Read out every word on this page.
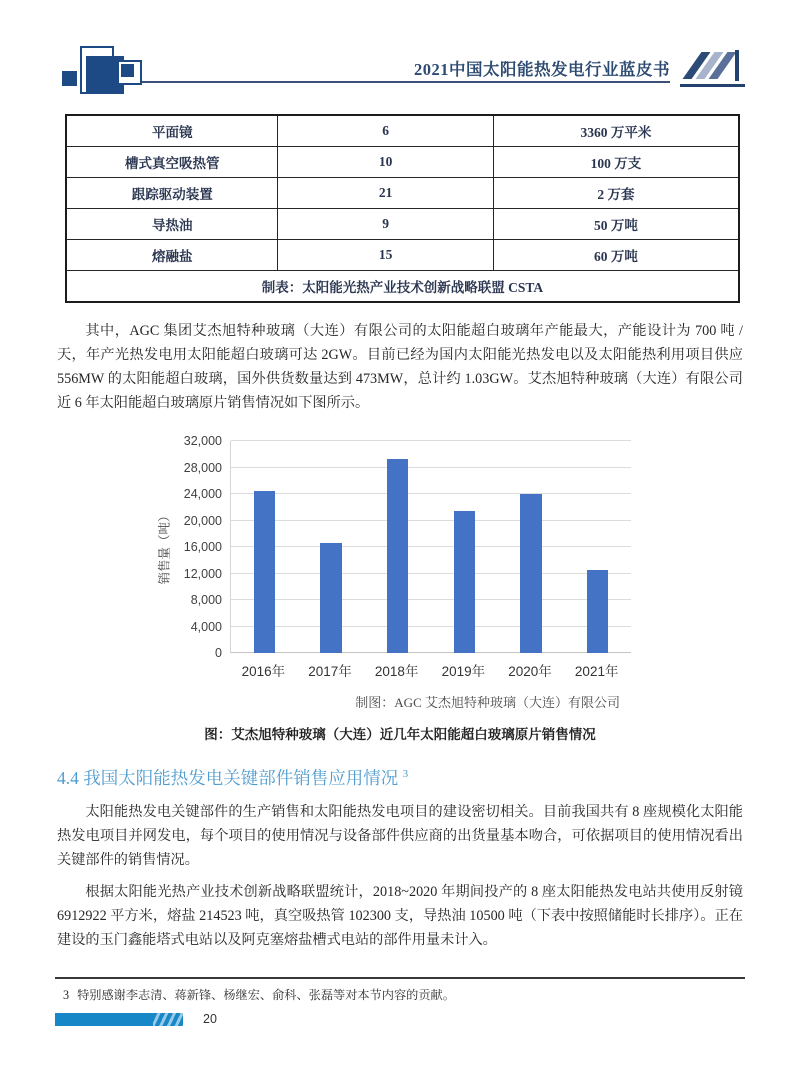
2021中国太阳能热发电行业蓝皮书
平面镜	6	3360 万平米
槽式真空吸热管	10	100 万支
跟踪驱动装置	21	2 万套
导热油	9	50 万吨
熔融盐	15	60 万吨
制表：太阳能光热产业技术创新战略联盟 CSTA		

其中，AGC 集团艾杰旭特种玻璃（大连）有限公司的太阳能超白玻璃年产能最大，产能设计为 700 吨 / 天，年产光热发电用太阳能超白玻璃可达 2GW。目前已经为国内太阳能光热发电以及太阳能热利用项目供应 556MW 的太阳能超白玻璃，国外供货数量达到 473MW，总计约 1.03GW。艾杰旭特种玻璃（大连）有限公司近 6 年太阳能超白玻璃原片销售情况如下图所示。

销售量（吨）
0
4,000
8,000
12,000
16,000
20,000
24,000
28,000
32,000
2016年	2017年	2018年	2019年	2020年	2021年
制图：AGC 艾杰旭特种玻璃（大连）有限公司
图：艾杰旭特种玻璃（大连）近几年太阳能超白玻璃原片销售情况
4.4 我国太阳能热发电关键部件销售应用情况 $^3$

太阳能热发电关键部件的生产销售和太阳能热发电项目的建设密切相关。目前我国共有 8 座规模化太阳能热发电项目并网发电，每个项目的使用情况与设备部件供应商的出货量基本吻合，可依据项目的使用情况看出关键部件的销售情况。

根据太阳能光热产业技术创新战略联盟统计，2018~2020 年期间投产的 8 座太阳能热发电站共使用反射镜 6912922 平方米，熔盐 214523 吨，真空吸热管 102300 支，导热油 10500 吨（下表中按照储能时长排序）。正在建设的玉门鑫能塔式电站以及阿克塞熔盐槽式电站的部件用量未计入。

3 特别感谢李志清、蒋新锋、杨继宏、俞科、张磊等对本节内容的贡献。
20
